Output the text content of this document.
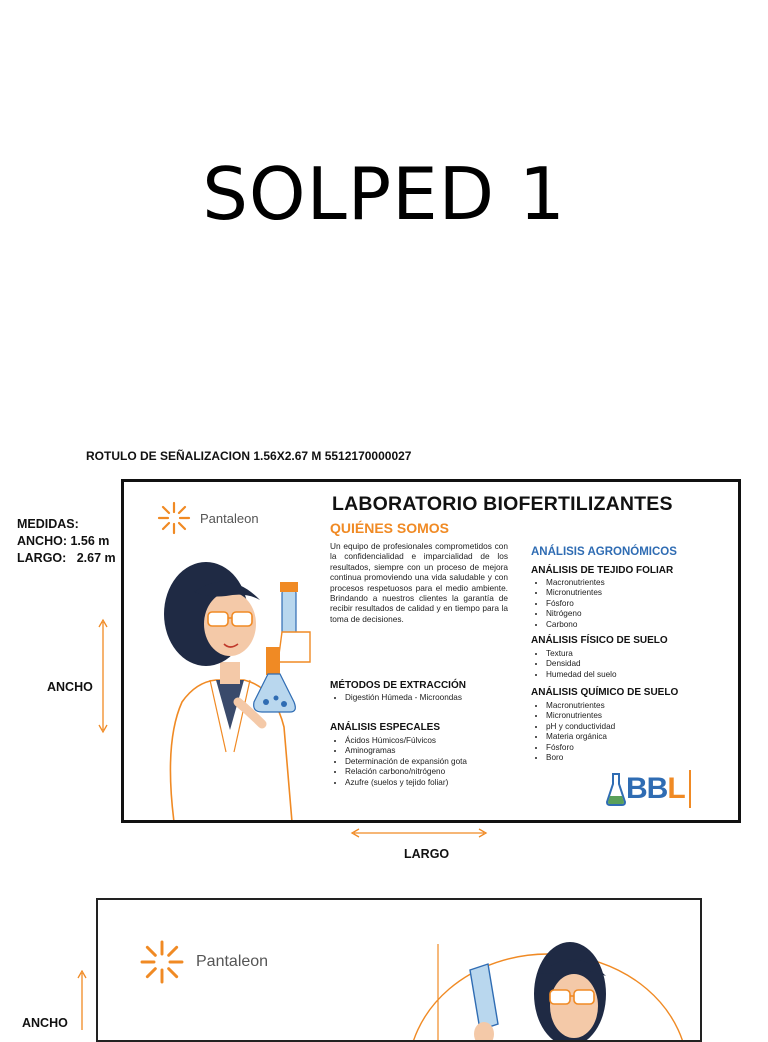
SOLPED 1
ROTULO DE SEÑALIZACION 1.56X2.67 M 5512170000027
MEDIDAS:
ANCHO: 1.56 m
LARGO:   2.67 m
ANCHO
Pantaleon
LABORATORIO BIOFERTILIZANTES
QUIÉNES SOMOS
Un equipo de profesionales comprometidos con la confidencialidad e imparcialidad de los resultados, siempre con un proceso de mejora continua promoviendo una vida saludable y con procesos respetuosos para el medio ambiente. Brindando a nuestros clientes la garantía de recibir resultados de calidad y en tiempo para la toma de decisiones.
MÉTODOS DE EXTRACCIÓN
• Digestión Húmeda - Microondas
ANÁLISIS ESPECALES
• Ácidos Húmicos/Fúlvicos
• Aminogramas
• Determinación de expansión gota
• Relación carbono/nitrógeno
• Azufre (suelos y tejido foliar)
ANÁLISIS AGRONÓMICOS
ANÁLISIS DE TEJIDO FOLIAR
• Macronutrientes
• Micronutrientes
• Fósforo
• Nitrógeno
• Carbono
ANÁLISIS FÍSICO DE SUELO
• Textura
• Densidad
• Humedad del suelo
ANÁLISIS QUÍMICO DE SUELO
• Macronutrientes
• Micronutrientes
• pH y conductividad
• Materia orgánica
• Fósforo
• Boro
BBL
LARGO
Pantaleon
ANCHO
